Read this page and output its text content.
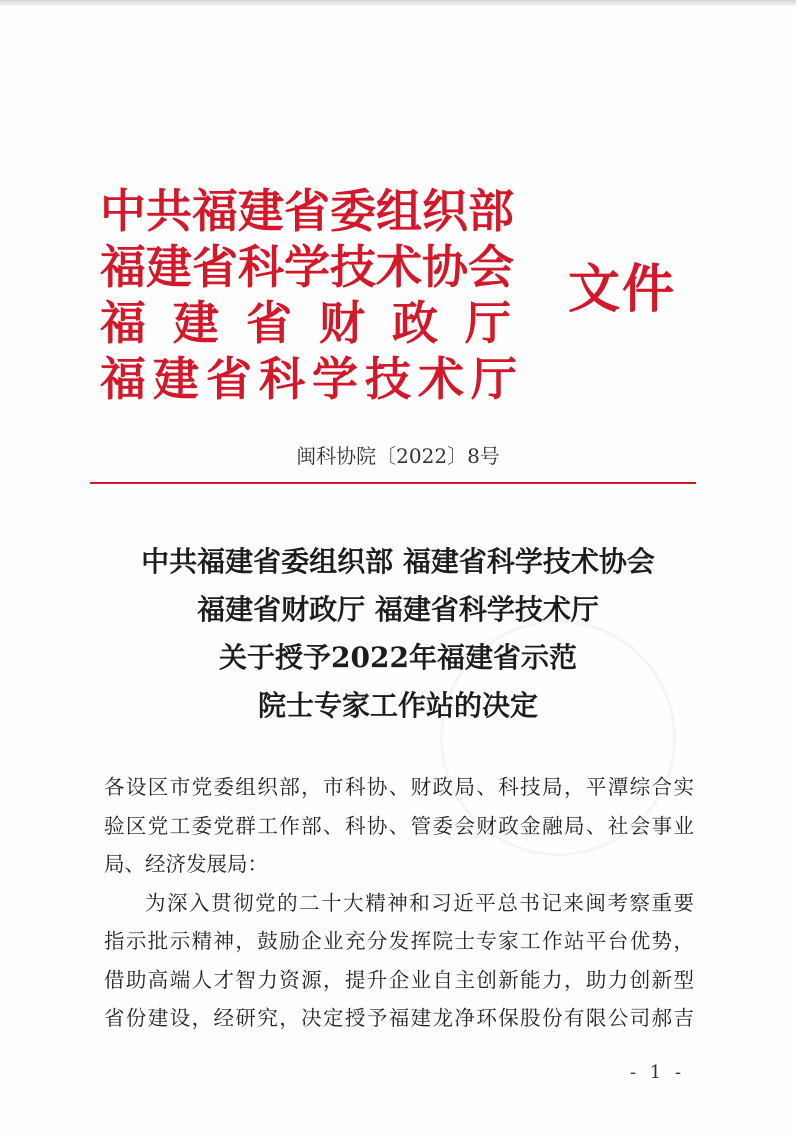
中共福建省委组织部
福建省科学技术协会
福建省财政厅
福建省科学技术厅
文件
闽科协院〔2022〕8号
中共福建省委组织部 福建省科学技术协会
福建省财政厅 福建省科学技术厅
关于授予2022年福建省示范
院士专家工作站的决定

各设区市党委组织部，市科协、财政局、科技局，平潭综合实

验区党工委党群工作部、科协、管委会财政金融局、社会事业

局、经济发展局：

为深入贯彻党的二十大精神和习近平总书记来闽考察重要

指示批示精神，鼓励企业充分发挥院士专家工作站平台优势，

借助高端人才智力资源，提升企业自主创新能力，助力创新型

省份建设，经研究，决定授予福建龙净环保股份有限公司郝吉

- 1 -
